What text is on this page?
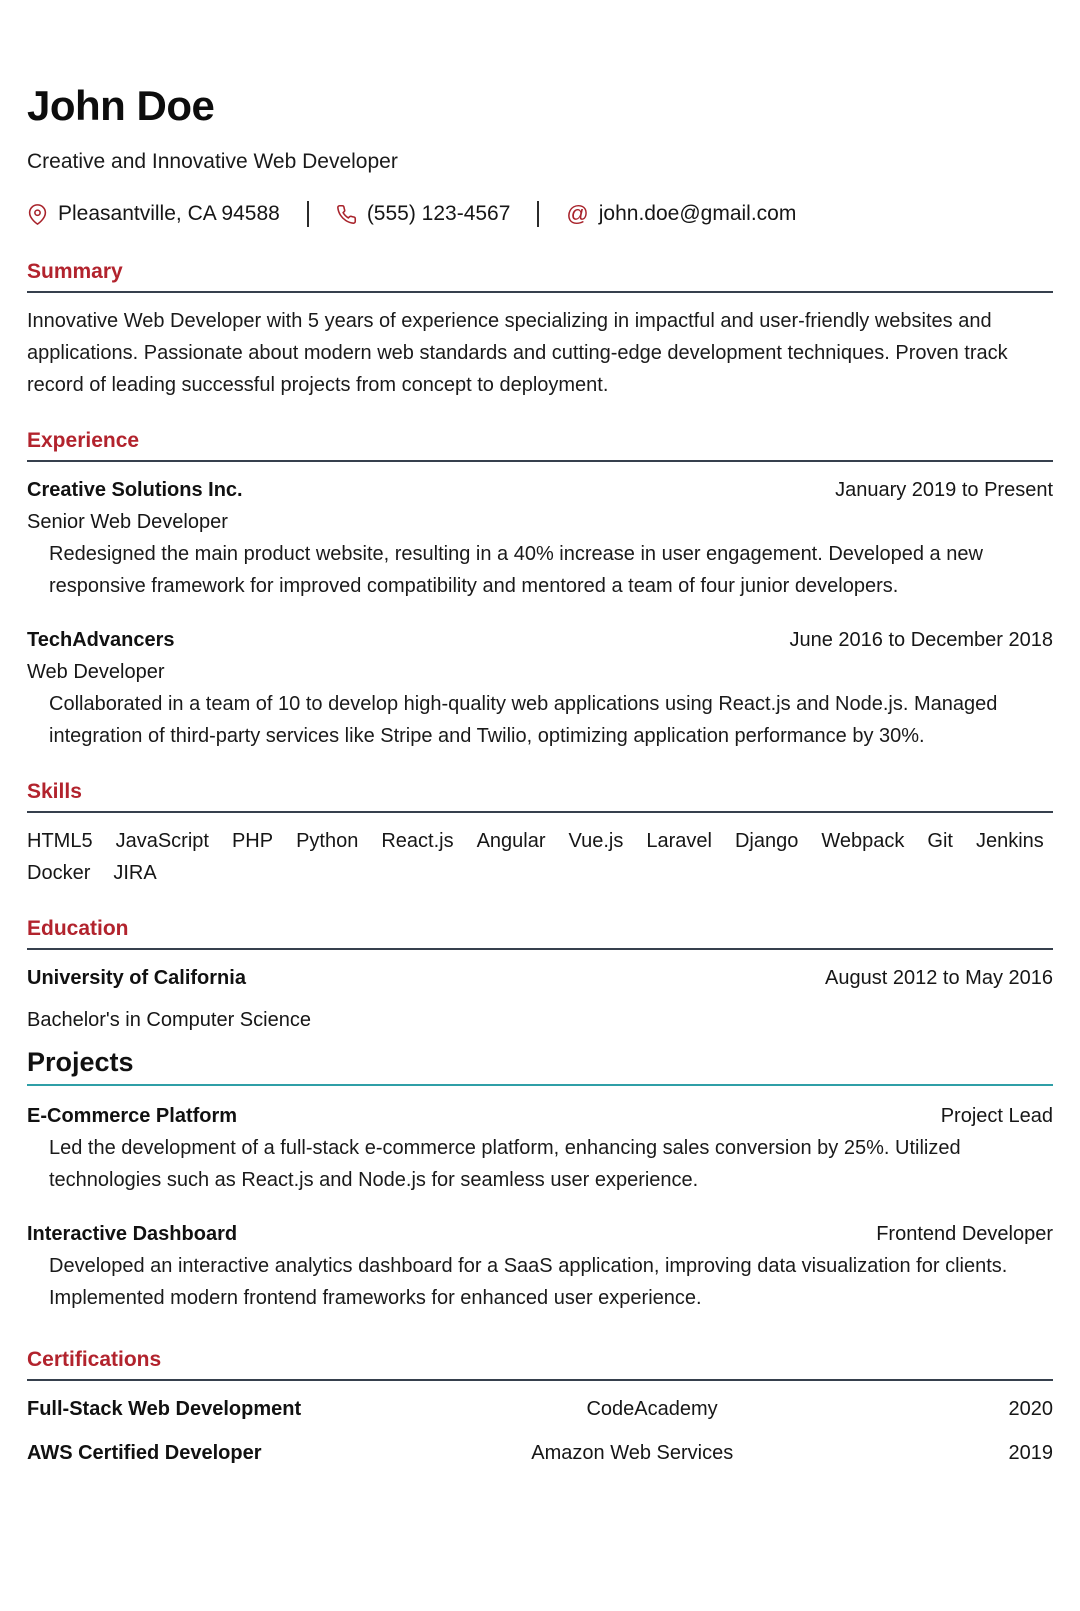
John Doe
Creative and Innovative Web Developer
Pleasantville, CA 94588	(555) 123-4567	@ john.doe@gmail.com
Summary
Innovative Web Developer with 5 years of experience specializing in impactful and user-friendly websites and applications. Passionate about modern web standards and cutting-edge development techniques. Proven track record of leading successful projects from concept to deployment.
Experience
Creative Solutions Inc.	January 2019 to Present
Senior Web Developer
Redesigned the main product website, resulting in a 40% increase in user engagement. Developed a new responsive framework for improved compatibility and mentored a team of four junior developers.
TechAdvancers	June 2016 to December 2018
Web Developer
Collaborated in a team of 10 to develop high-quality web applications using React.js and Node.js. Managed integration of third-party services like Stripe and Twilio, optimizing application performance by 30%.
Skills
HTML5 JavaScript PHP Python React.js Angular Vue.js Laravel Django Webpack Git Jenkins
Docker JIRA
Education
University of California	August 2012 to May 2016
Bachelor's in Computer Science
Projects
E-Commerce Platform	Project Lead
Led the development of a full-stack e-commerce platform, enhancing sales conversion by 25%. Utilized technologies such as React.js and Node.js for seamless user experience.
Interactive Dashboard	Frontend Developer
Developed an interactive analytics dashboard for a SaaS application, improving data visualization for clients. Implemented modern frontend frameworks for enhanced user experience.
Certifications
Full-Stack Web Development	CodeAcademy	2020
AWS Certified Developer	Amazon Web Services	2019
